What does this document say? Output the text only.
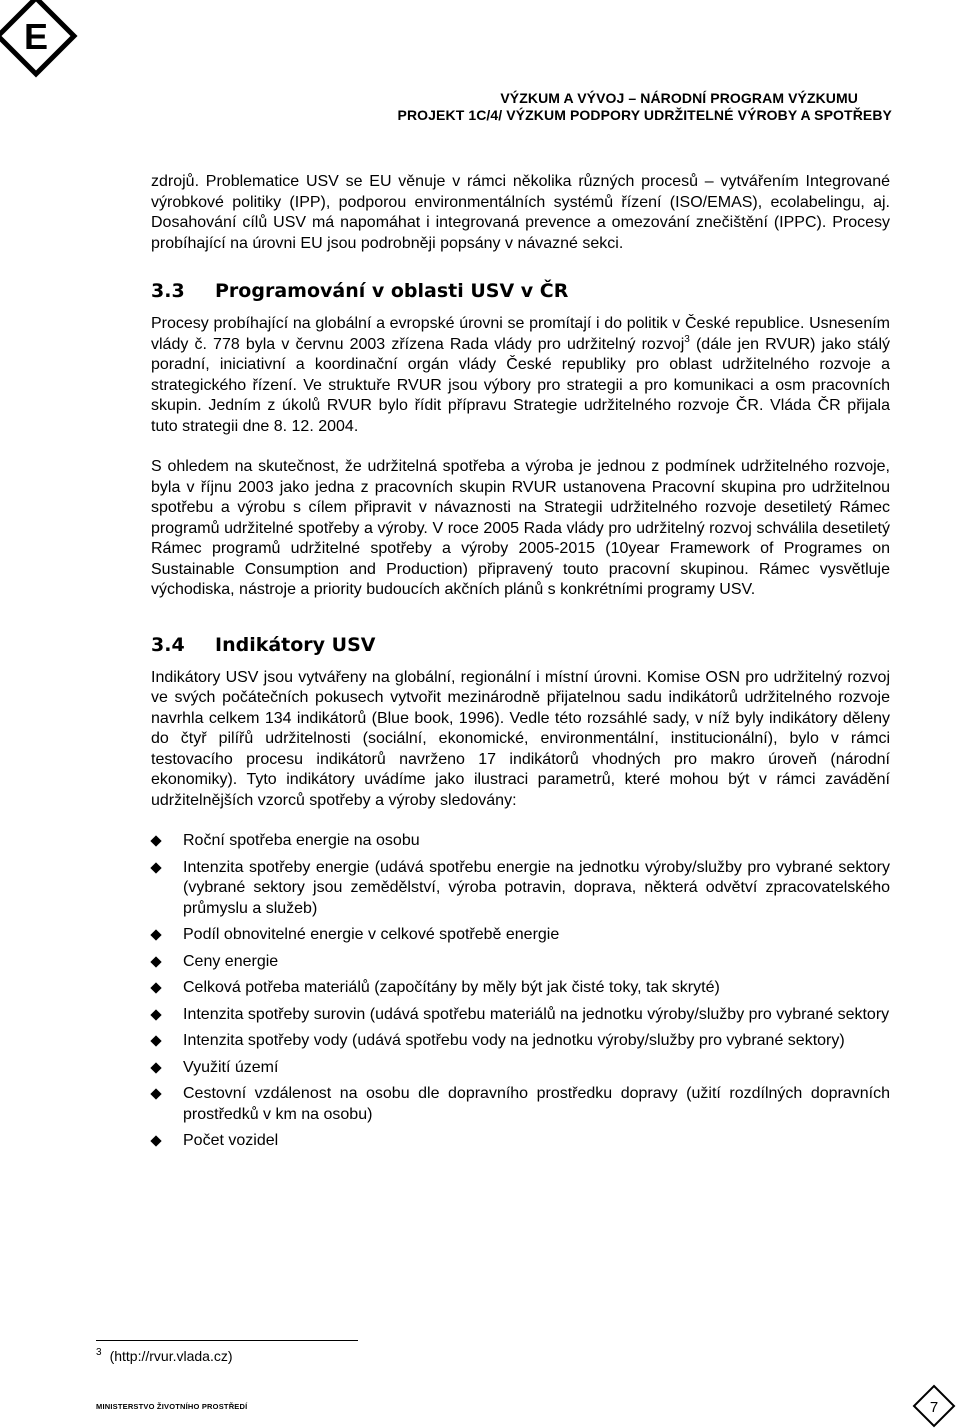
E
VÝZKUM A VÝVOJ – NÁRODNÍ PROGRAM VÝZKUMU
PROJEKT 1C/4/ VÝZKUM PODPORY UDRŽITELNÉ VÝROBY A SPOTŘEBY

zdrojů. Problematice USV se EU věnuje v rámci několika různých procesů – vytvářením Integrované výrobkové politiky (IPP), podporou environmentálních systémů řízení (ISO/EMAS), ecolabelingu, aj. Dosahování cílů USV má napomáhat i integrovaná prevence a omezování znečištění (IPPC). Procesy probíhající na úrovni EU jsou podrobněji popsány v návazné sekci.

3.3 Programování v oblasti USV v ČR

Procesy probíhající na globální a evropské úrovni se promítají i do politik v České republice. Usnesením vlády č. 778 byla v červnu 2003 zřízena Rada vlády pro udržitelný rozvoj$^3$ (dále jen RVUR) jako stálý poradní, iniciativní a koordinační orgán vlády České republiky pro oblast udržitelného rozvoje a strategického řízení. Ve struktuře RVUR jsou výbory pro strategii a pro komunikaci a osm pracovních skupin. Jedním z úkolů RVUR bylo řídit přípravu Strategie udržitelného rozvoje ČR. Vláda ČR přijala tuto strategii dne 8. 12. 2004.

S ohledem na skutečnost, že udržitelná spotřeba a výroba je jednou z podmínek udržitelného rozvoje, byla v říjnu 2003 jako jedna z pracovních skupin RVUR ustanovena Pracovní skupina pro udržitelnou spotřebu a výrobu s cílem připravit v návaznosti na Strategii udržitelného rozvoje desetiletý Rámec programů udržitelné spotřeby a výroby. V roce 2005 Rada vlády pro udržitelný rozvoj schválila desetiletý Rámec programů udržitelné spotřeby a výroby 2005-2015 (10year Framework of Programes on Sustainable Consumption and Production) připravený touto pracovní skupinou. Rámec vysvětluje východiska, nástroje a priority budoucích akčních plánů s konkrétními programy USV.

3.4 Indikátory USV

Indikátory USV jsou vytvářeny na globální, regionální i místní úrovni. Komise OSN pro udržitelný rozvoj ve svých počátečních pokusech vytvořit mezinárodně přijatelnou sadu indikátorů udržitelného rozvoje navrhla celkem 134 indikátorů (Blue book, 1996). Vedle této rozsáhlé sady, v níž byly indikátory děleny do čtyř pilířů udržitelnosti (sociální, ekonomické, environmentální, institucionální), bylo v rámci testovacího procesu indikátorů navrženo 17 indikátorů vhodných pro makro úroveň (národní ekonomiky). Tyto indikátory uvádíme jako ilustraci parametrů, které mohou být v rámci zavádění udržitelnějších vzorců spotřeby a výroby sledovány:

Roční spotřeba energie na osobu
Intenzita spotřeby energie (udává spotřebu energie na jednotku výroby/služby pro vybrané sektory (vybrané sektory jsou zemědělství, výroba potravin, doprava, některá odvětví zpracovatelského průmyslu a služeb)
Podíl obnovitelné energie v celkové spotřebě energie
Ceny energie
Celková potřeba materiálů (započítány by měly být jak čisté toky, tak skryté)
Intenzita spotřeby surovin (udává spotřebu materiálů na jednotku výroby/služby pro vybrané sektory
Intenzita spotřeby vody (udává spotřebu vody na jednotku výroby/služby pro vybrané sektory)
Využití území
Cestovní vzdálenost na osobu dle dopravního prostředku dopravy (užití rozdílných dopravních prostředků v km na osobu)
Počet vozidel
$^3$ (http://rvur.vlada.cz)
MINISTERSTVO ŽIVOTNÍHO PROSTŘEDÍ	7
